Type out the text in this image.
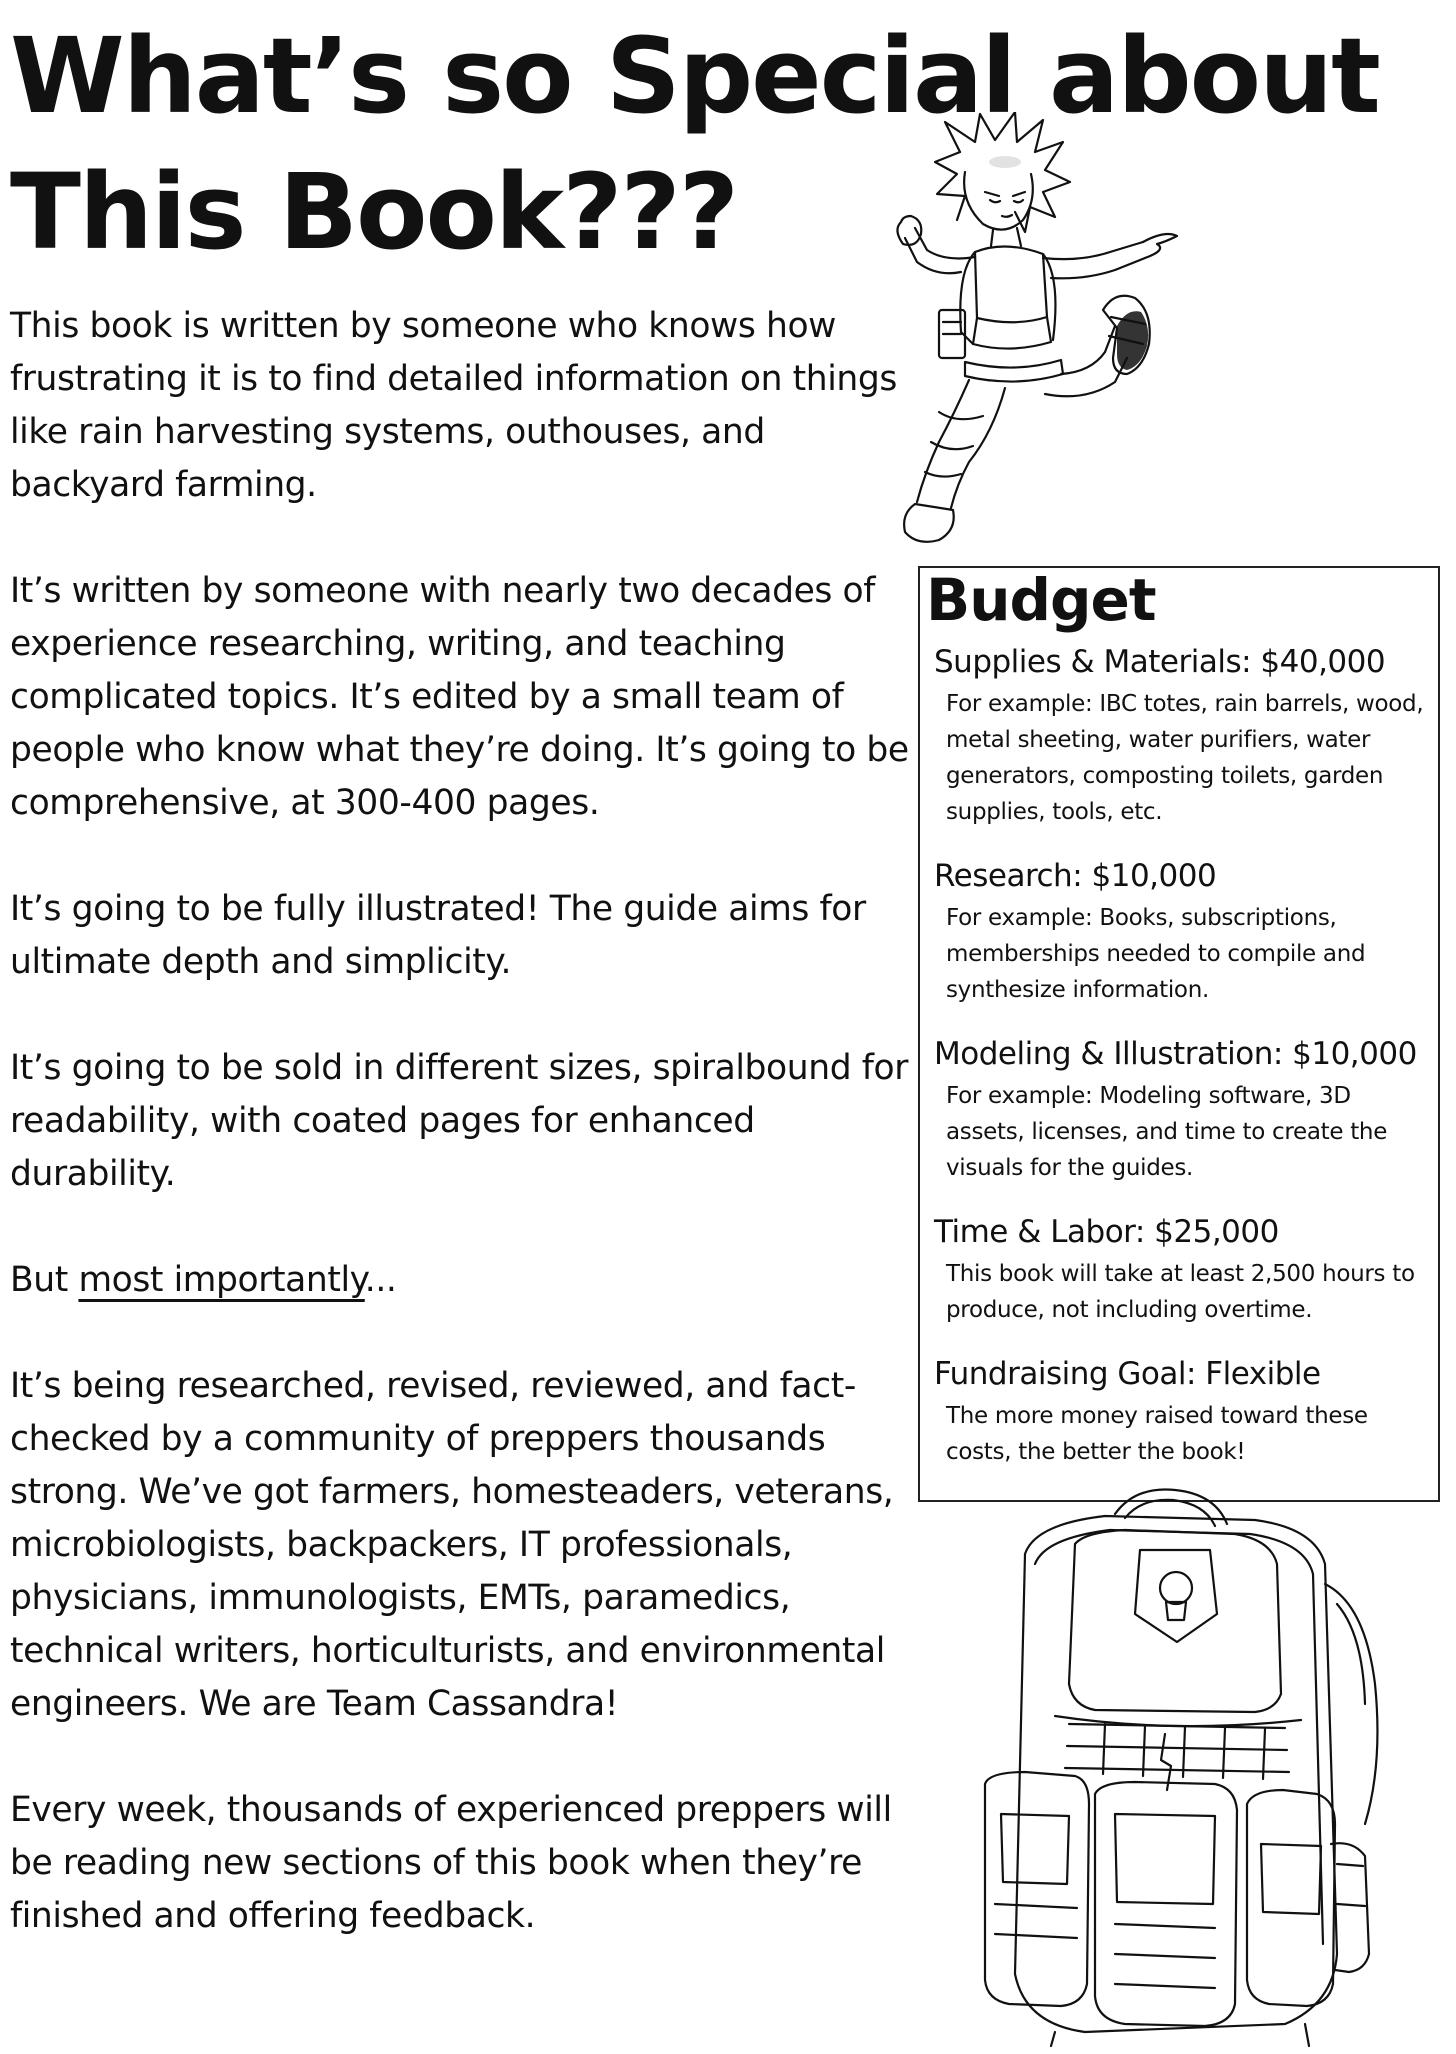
What’s so Special about This Book???

This book is written by someone who knows how frustrating it is to find detailed information on things like rain harvesting systems, outhouses, and backyard farming.

It’s written by someone with nearly two decades of experience researching, writing, and teaching complicated topics. It’s edited by a small team of people who know what they’re doing. It’s going to be comprehensive, at 300-400 pages.

It’s going to be fully illustrated! The guide aims for ultimate depth and simplicity.

It’s going to be sold in different sizes, spiralbound for readability, with coated pages for enhanced durability.

But most importantly...

It’s being researched, revised, reviewed, and fact-checked by a community of preppers thousands strong. We’ve got farmers, homesteaders, veterans, microbiologists, backpackers, IT professionals, physicians, immunologists, EMTs, paramedics, technical writers, horticulturists, and environmental engineers. We are Team Cassandra!

Every week, thousands of experienced preppers will be reading new sections of this book when they’re finished and offering feedback.

Budget
Supplies & Materials: $40,000
For example: IBC totes, rain barrels, wood, metal sheeting, water purifiers, water generators, composting toilets, garden supplies, tools, etc.
Research: $10,000
For example: Books, subscriptions, memberships needed to compile and synthesize information.
Modeling & Illustration: $10,000
For example: Modeling software, 3D assets, licenses, and time to create the visuals for the guides.
Time & Labor: $25,000
This book will take at least 2,500 hours to produce, not including overtime.
Fundraising Goal: Flexible
The more money raised toward these costs, the better the book!
